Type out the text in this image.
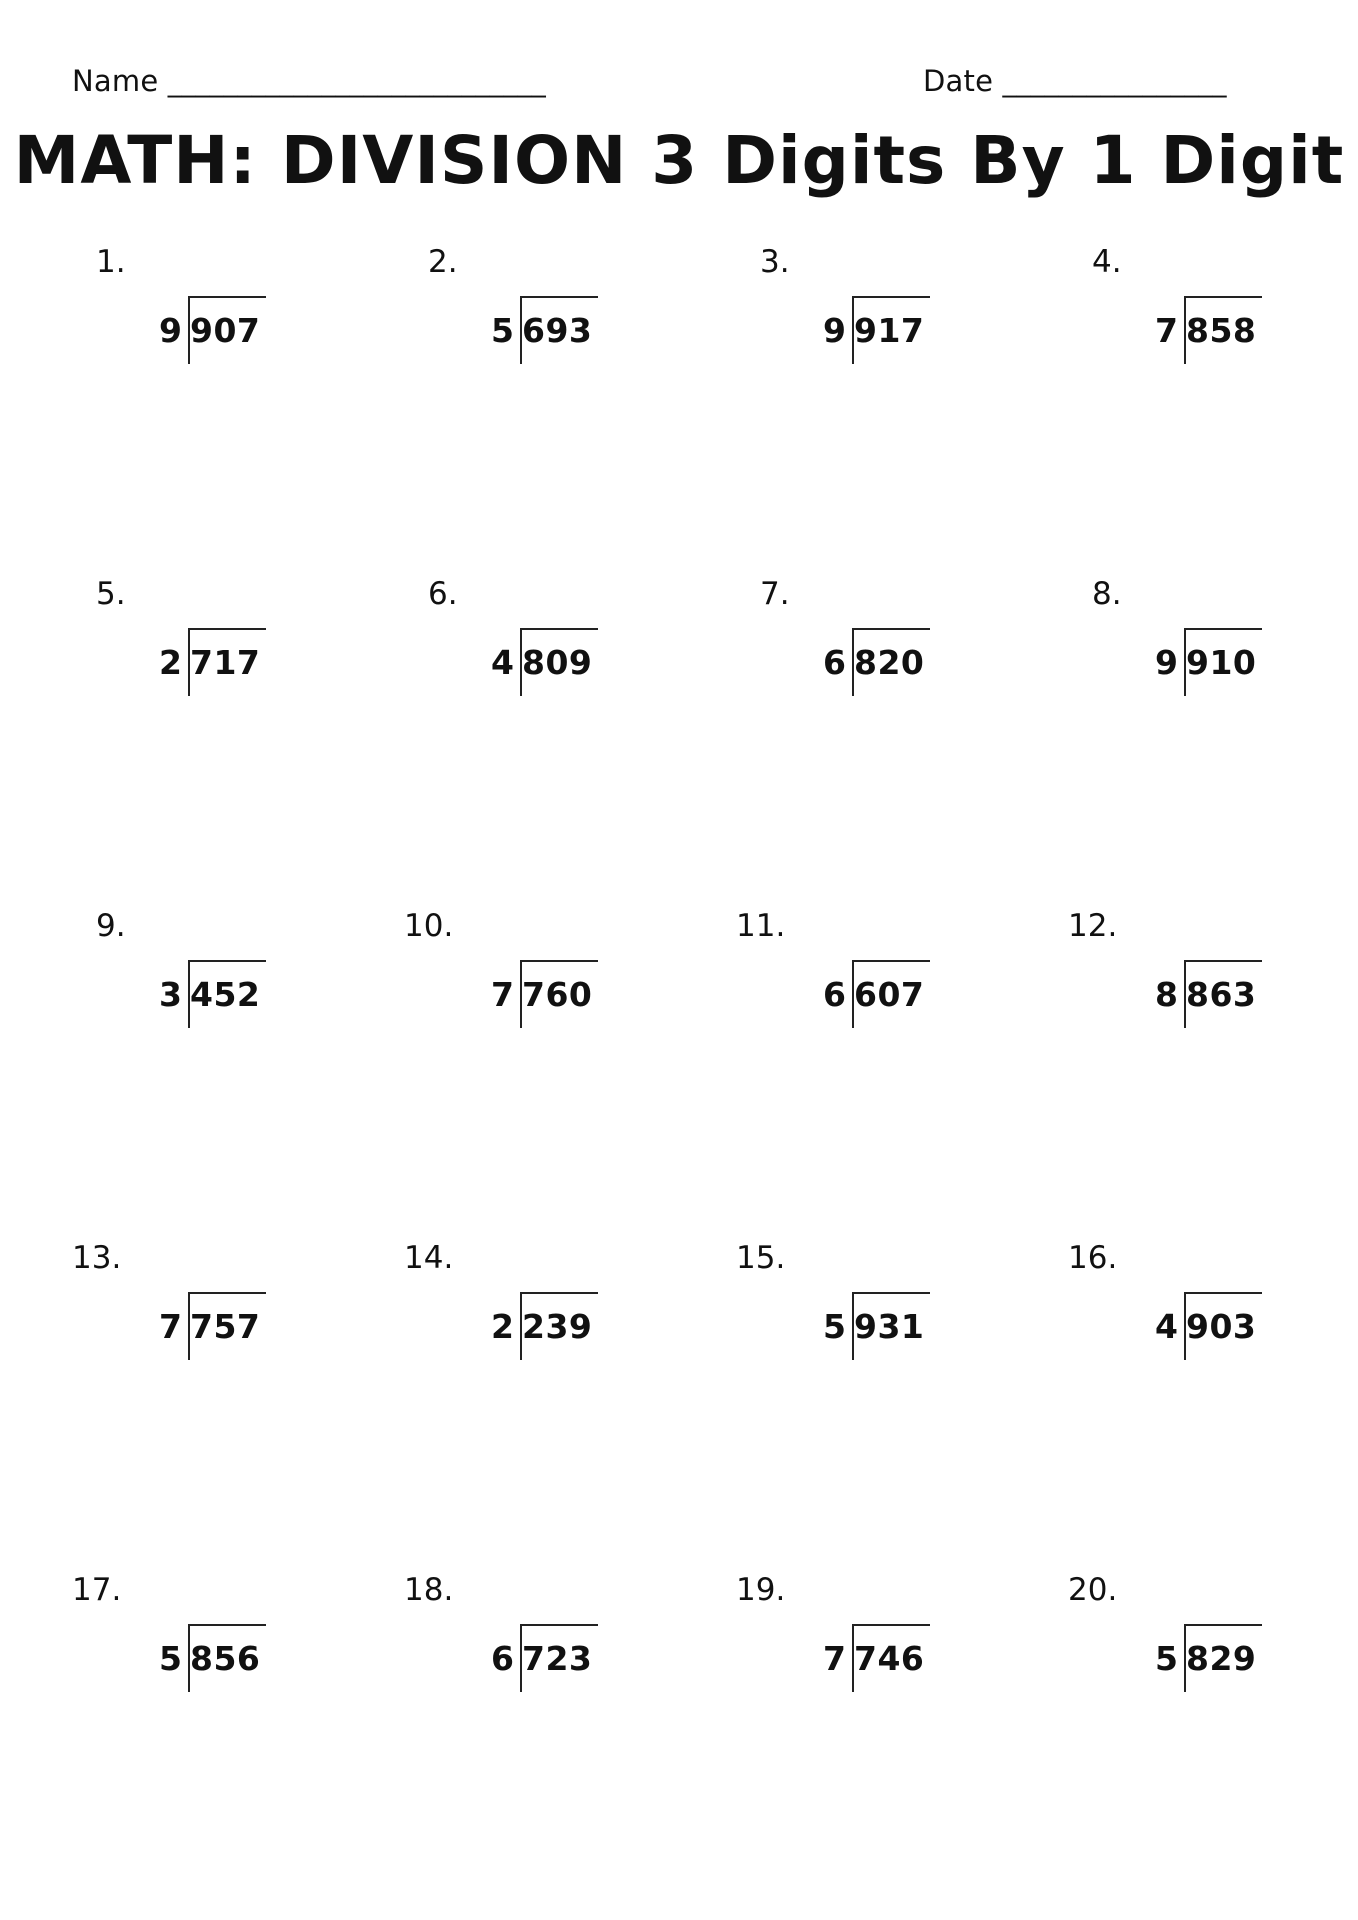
Name ___________________________	Date ________________
MATH: DIVISION 3 Digits By 1 Digit
1.
9 907
2.
5 693
3.
9 917
4.
7 858
5.
2 717
6.
4 809
7.
6 820
8.
9 910
9.
3 452
10.
7 760
11.
6 607
12.
8 863
13.
7 757
14.
2 239
15.
5 931
16.
4 903
17.
5 856
18.
6 723
19.
7 746
20.
5 829
